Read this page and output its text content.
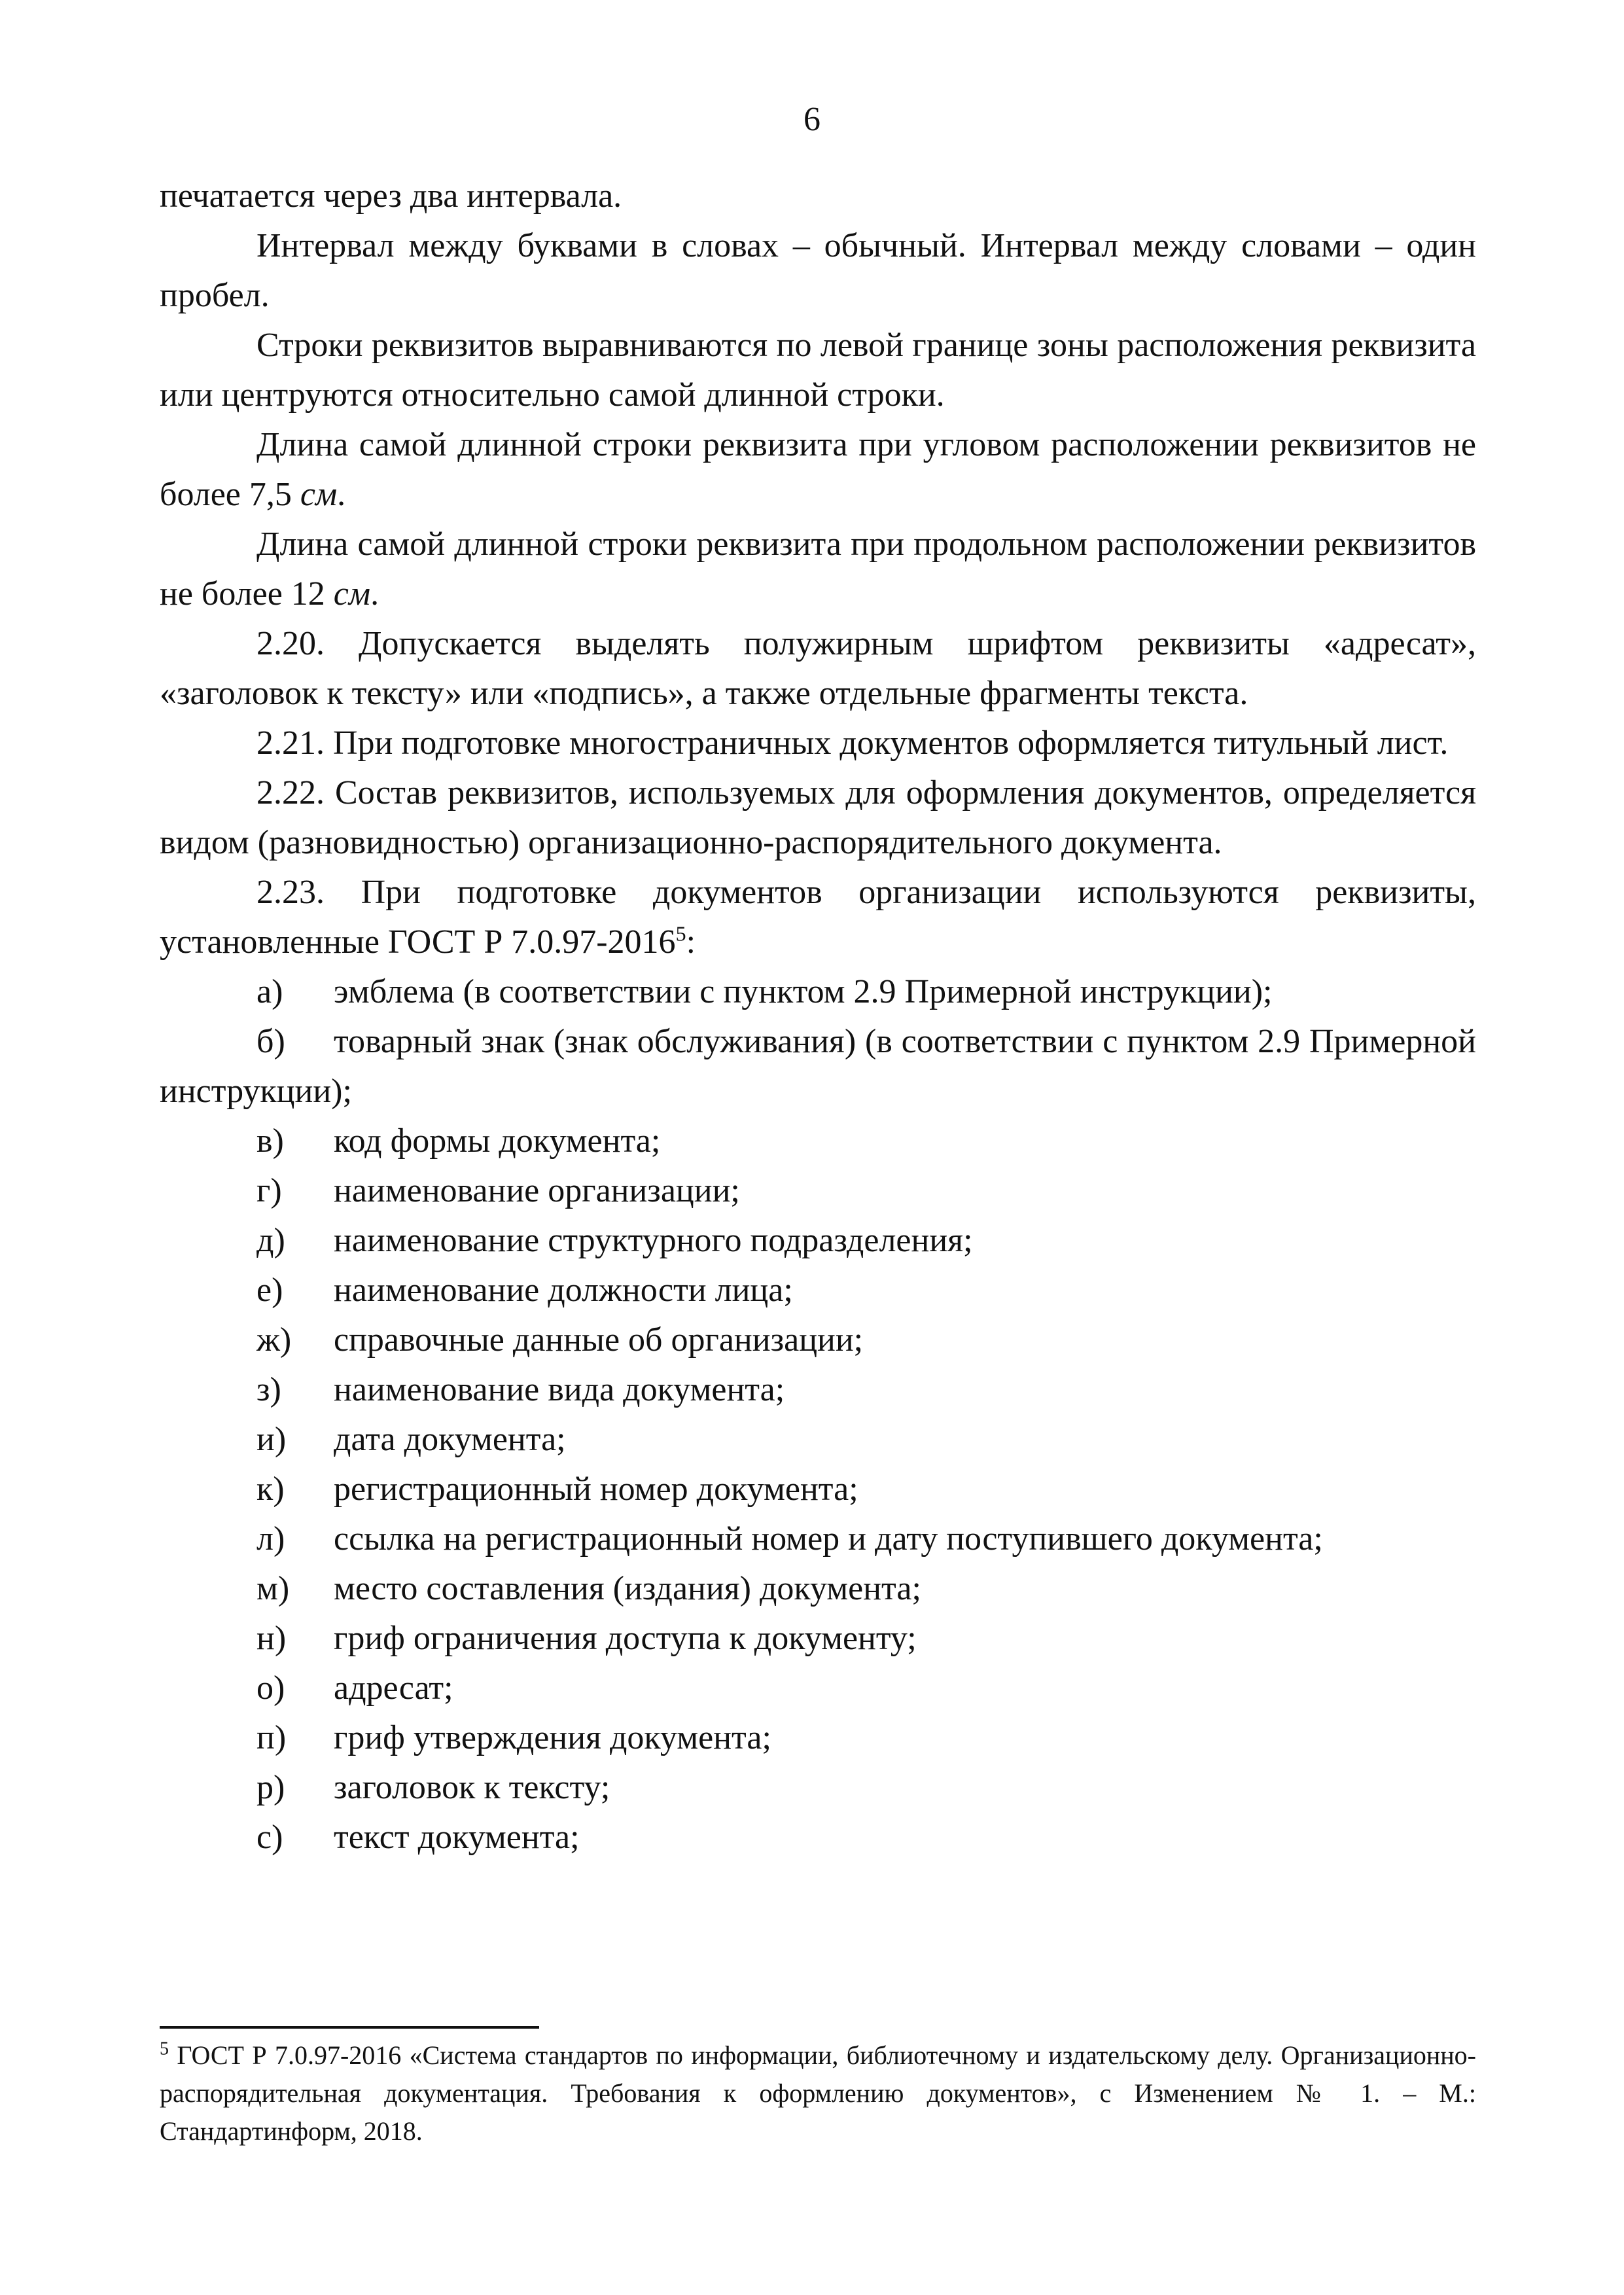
6

печатается через два интервала.

Интервал между буквами в словах – обычный. Интервал между словами – один пробел.

Строки реквизитов выравниваются по левой границе зоны расположения реквизита или центруются относительно самой длинной строки.

Длина самой длинной строки реквизита при угловом расположении реквизитов не более 7,5 см.

Длина самой длинной строки реквизита при продольном расположении реквизитов не более 12 см.

2.20. Допускается выделять полужирным шрифтом реквизиты «адресат», «заголовок к тексту» или «подпись», а также отдельные фрагменты текста.

2.21. При подготовке многостраничных документов оформляется титульный лист.

2.22. Состав реквизитов, используемых для оформления документов, определяется видом (разновидностью) организационно-распорядительного документа.

2.23. При подготовке документов организации используются реквизиты, установленные ГОСТ Р 7.0.97-2016$^5$:

а)	эмблема (в соответствии с пунктом 2.9 Примерной инструкции);
б) товарный знак (знак обслуживания) (в соответствии с пунктом 2.9 Примерной инструкции);
в)	код формы документа;
г)	наименование организации;
д)	наименование структурного подразделения;
е)	наименование должности лица;
ж)	справочные данные об организации;
з)	наименование вида документа;
и)	дата документа;
к)	регистрационный номер документа;
л)	ссылка на регистрационный номер и дату поступившего документа;
м)	место составления (издания) документа;
н)	гриф ограничения доступа к документу;
о)	адресат;
п)	гриф утверждения документа;
р)	заголовок к тексту;
с)	текст документа;
$^5$ ГОСТ Р 7.0.97-2016 «Система стандартов по информации, библиотечному и издательскому делу. Организационно-распорядительная документация. Требования к оформлению документов», с Изменением № 1. – М.: Стандартинформ, 2018.
